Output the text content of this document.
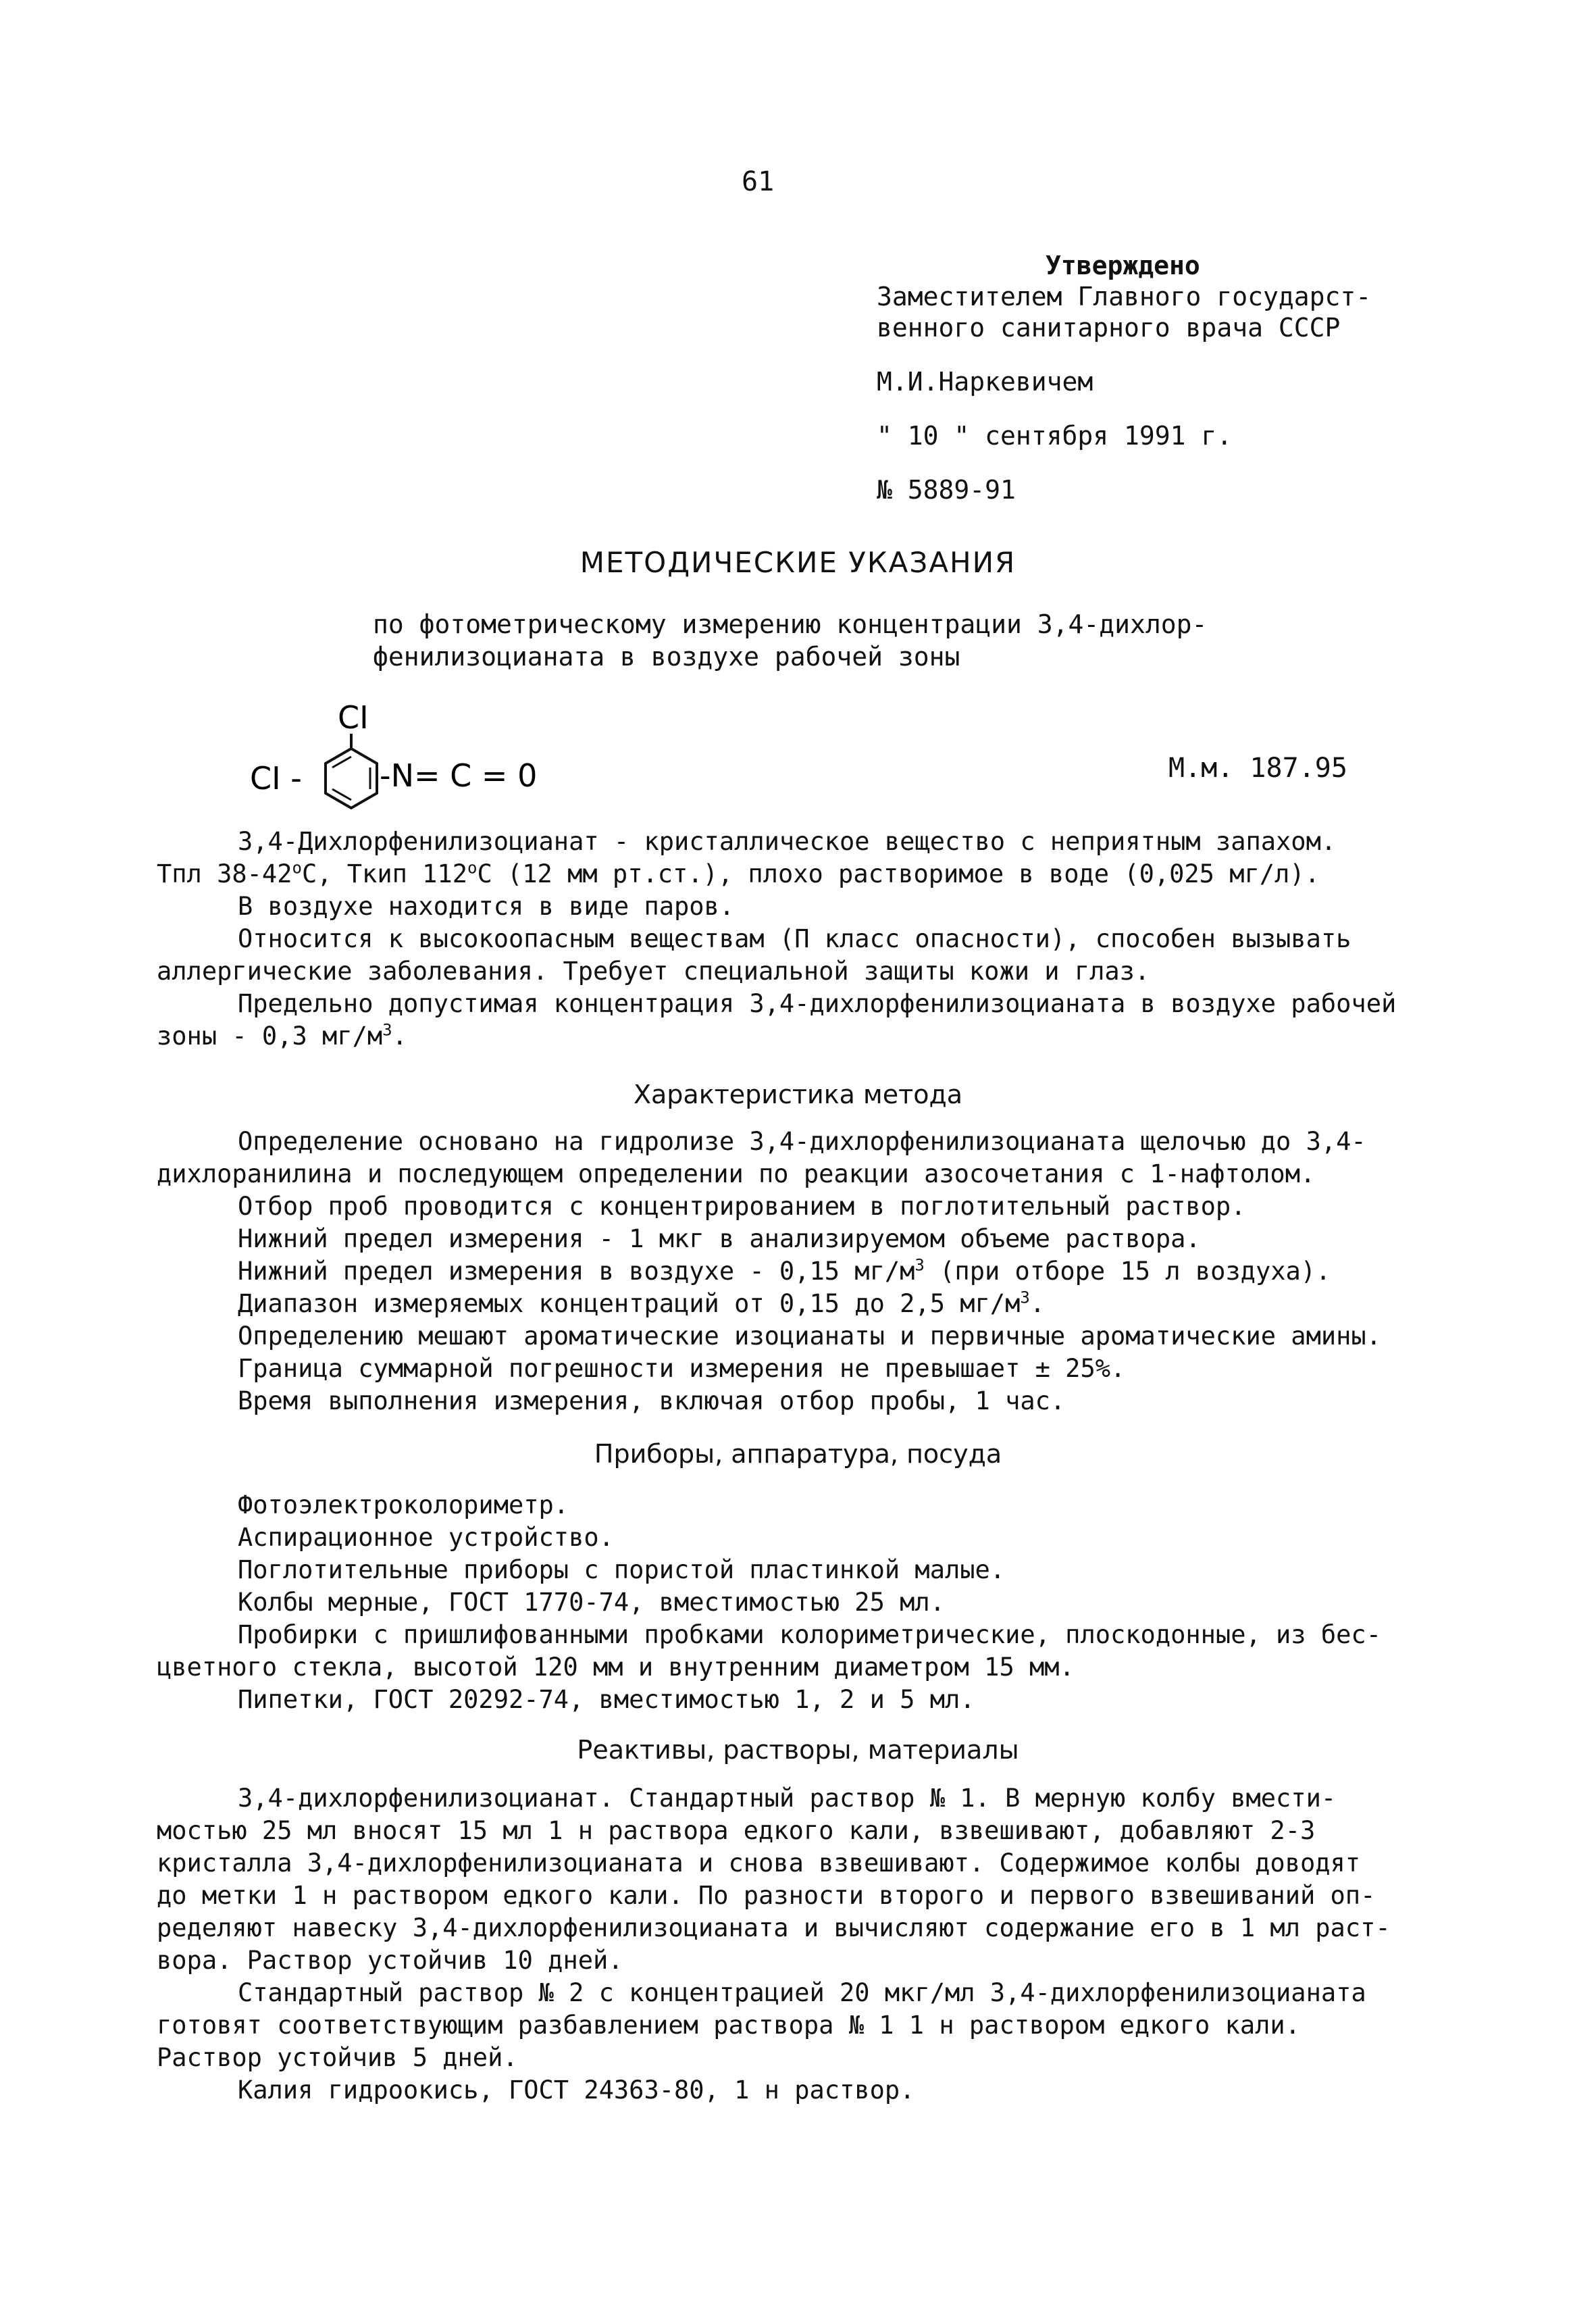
61
Утверждено
Заместителем Главного государст-
венного санитарного врача СССР
М.И.Наркевичем
" 10 " сентября 1991 г.
№ 5889-91
МЕТОДИЧЕСКИЕ УКАЗАНИЯ
по фотометрическому измерению концентрации 3,4-дихлор-
фенилизоцианата в воздухе рабочей зоны
CI
CI -	-N= C = 0	М.м. 187.95
3,4-Дихлорфенилизоцианат - кристаллическое вещество с неприятным запахом.
Тпл $38-42^оC$, Ткип $112^оC$ (12 мм рт.ст.), плохо растворимое в воде (0,025 мг/л).
В воздухе находится в виде паров.
Относится к высокоопасным веществам (П класс опасности), способен вызывать
аллергические заболевания. Требует специальной защиты кожи и глаз.
Предельно допустимая концентрация 3,4-дихлорфенилизоцианата в воздухе рабочей
зоны - 0,3 $мг/м^3$.
Характеристика метода
Определение основано на гидролизе 3,4-дихлорфенилизоцианата щелочью до 3,4-
дихлоранилина и последующем определении по реакции азосочетания с 1-нафтолом.
Отбор проб проводится с концентрированием в поглотительный раствор.
Нижний предел измерения - 1 мкг в анализируемом объеме раствора.
Нижний предел измерения в воздухе - 0,15 $мг/м^3$ (при отборе 15 л воздуха).
Диапазон измеряемых концентраций от 0,15 до 2,5 $мг/м^3$.
Определению мешают ароматические изоцианаты и первичные ароматические амины.
Граница суммарной погрешности измерения не превышает ± 25%.
Время выполнения измерения, включая отбор пробы, 1 час.
Приборы, аппаратура, посуда
Фотоэлектроколориметр.
Аспирационное устройство.
Поглотительные приборы с пористой пластинкой малые.
Колбы мерные, ГОСТ 1770-74, вместимостью 25 мл.
Пробирки с пришлифованными пробками колориметрические, плоскодонные, из бес-
цветного стекла, высотой 120 мм и внутренним диаметром 15 мм.
Пипетки, ГОСТ 20292-74, вместимостью 1, 2 и 5 мл.
Реактивы, растворы, материалы
3,4-дихлорфенилизоцианат. Стандартный раствор № 1. В мерную колбу вмести-
мостью 25 мл вносят 15 мл 1 н раствора едкого кали, взвешивают, добавляют 2-3
кристалла 3,4-дихлорфенилизоцианата и снова взвешивают. Содержимое колбы доводят
до метки 1 н раствором едкого кали. По разности второго и первого взвешиваний оп-
ределяют навеску 3,4-дихлорфенилизоцианата и вычисляют содержание его в 1 мл раст-
вора. Раствор устойчив 10 дней.
Стандартный раствор № 2 с концентрацией 20 мкг/мл 3,4-дихлорфенилизоцианата
готовят соответствующим разбавлением раствора № 1 1 н раствором едкого кали.
Раствор устойчив 5 дней.
Калия гидроокись, ГОСТ 24363-80, 1 н раствор.
